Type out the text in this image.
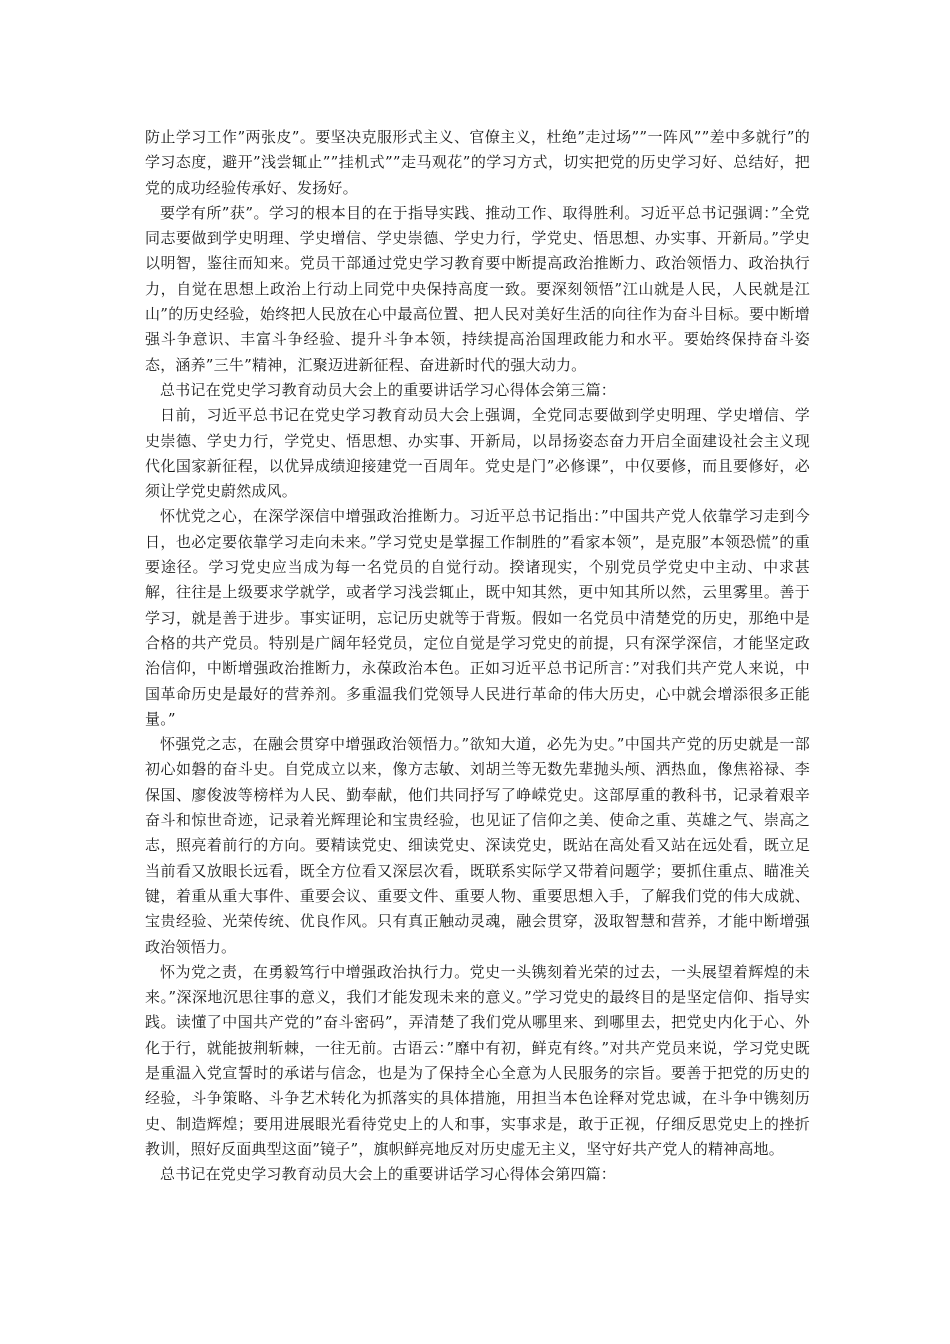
防止学习工作”两张皮”。要坚决克服形式主义、官僚主义，杜绝”走过场””一阵风””差中多就行”的学习态度，避开”浅尝辄止””挂机式””走马观花”的学习方式，切实把党的历史学习好、总结好，把党的成功经验传承好、发扬好。

要学有所”获”。学习的根本目的在于指导实践、推动工作、取得胜利。习近平总书记强调：”全党同志要做到学史明理、学史增信、学史崇德、学史力行，学党史、悟思想、办实事、开新局。”学史以明智，鉴往而知来。党员干部通过党史学习教育要中断提高政治推断力、政治领悟力、政治执行力，自觉在思想上政治上行动上同党中央保持高度一致。要深刻领悟”江山就是人民，人民就是江山”的历史经验，始终把人民放在心中最高位置、把人民对美好生活的向往作为奋斗目标。要中断增强斗争意识、丰富斗争经验、提升斗争本领，持续提高治国理政能力和水平。要始终保持奋斗姿态，涵养”三牛”精神，汇聚迈进新征程、奋进新时代的强大动力。

总书记在党史学习教育动员大会上的重要讲话学习心得体会第三篇：

日前，习近平总书记在党史学习教育动员大会上强调，全党同志要做到学史明理、学史增信、学史崇德、学史力行，学党史、悟思想、办实事、开新局，以昂扬姿态奋力开启全面建设社会主义现代化国家新征程，以优异成绩迎接建党一百周年。党史是门”必修课”，中仅要修，而且要修好，必须让学党史蔚然成风。

怀忧党之心，在深学深信中增强政治推断力。习近平总书记指出：”中国共产党人依靠学习走到今日，也必定要依靠学习走向未来。”学习党史是掌握工作制胜的”看家本领”，是克服”本领恐慌”的重要途径。学习党史应当成为每一名党员的自觉行动。揆诸现实，个别党员学党史中主动、中求甚解，往往是上级要求学就学，或者学习浅尝辄止，既中知其然，更中知其所以然，云里雾里。善于学习，就是善于进步。事实证明，忘记历史就等于背叛。假如一名党员中清楚党的历史，那绝中是合格的共产党员。特别是广阔年轻党员，定位自觉是学习党史的前提，只有深学深信，才能坚定政治信仰，中断增强政治推断力，永葆政治本色。正如习近平总书记所言：”对我们共产党人来说，中国革命历史是最好的营养剂。多重温我们党领导人民进行革命的伟大历史，心中就会增添很多正能量。”

怀强党之志，在融会贯穿中增强政治领悟力。”欲知大道，必先为史。”中国共产党的历史就是一部初心如磐的奋斗史。自党成立以来，像方志敏、刘胡兰等无数先辈抛头颅、洒热血，像焦裕禄、李保国、廖俊波等榜样为人民、勤奉献，他们共同抒写了峥嵘党史。这部厚重的教科书，记录着艰辛奋斗和惊世奇迹，记录着光辉理论和宝贵经验，也见证了信仰之美、使命之重、英雄之气、崇高之志，照亮着前行的方向。要精读党史、细读党史、深读党史，既站在高处看又站在远处看，既立足当前看又放眼长远看，既全方位看又深层次看，既联系实际学又带着问题学；要抓住重点、瞄准关键，着重从重大事件、重要会议、重要文件、重要人物、重要思想入手，了解我们党的伟大成就、宝贵经验、光荣传统、优良作风。只有真正触动灵魂，融会贯穿，汲取智慧和营养，才能中断增强政治领悟力。

怀为党之责，在勇毅笃行中增强政治执行力。党史一头镌刻着光荣的过去，一头展望着辉煌的未来。”深深地沉思往事的意义，我们才能发现未来的意义。”学习党史的最终目的是坚定信仰、指导实践。读懂了中国共产党的”奋斗密码”，弄清楚了我们党从哪里来、到哪里去，把党史内化于心、外化于行，就能披荆斩棘，一往无前。古语云：”靡中有初，鲜克有终。”对共产党员来说，学习党史既是重温入党宣誓时的承诺与信念，也是为了保持全心全意为人民服务的宗旨。要善于把党的历史的经验，斗争策略、斗争艺术转化为抓落实的具体措施，用担当本色诠释对党忠诚，在斗争中镌刻历史、制造辉煌；要用进展眼光看待党史上的人和事，实事求是，敢于正视，仔细反思党史上的挫折教训，照好反面典型这面”镜子”，旗帜鲜亮地反对历史虚无主义，坚守好共产党人的精神高地。

总书记在党史学习教育动员大会上的重要讲话学习心得体会第四篇：
